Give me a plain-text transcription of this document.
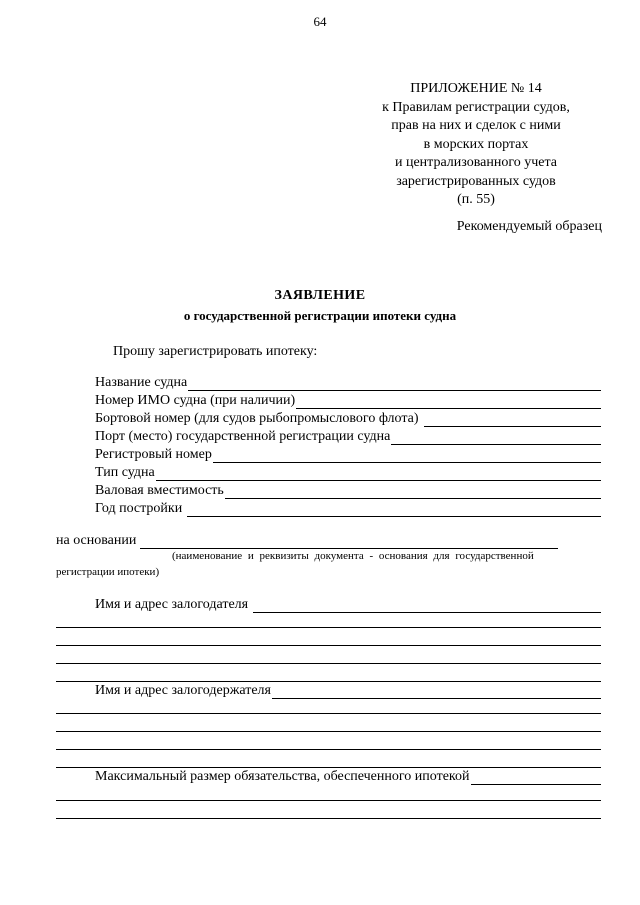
64
ПРИЛОЖЕНИЕ № 14
к Правилам регистрации судов,
прав на них и сделок с ними
в морских портах
и централизованного учета
зарегистрированных судов
(п. 55)
Рекомендуемый образец
ЗАЯВЛЕНИЕ
о государственной регистрации ипотеки судна
Прошу зарегистрировать ипотеку:
Название судна
Номер ИМО судна (при наличии)
Бортовой номер (для судов рыбопромыслового флота)
Порт (место) государственной регистрации судна
Регистровый номер
Тип судна
Валовая вместимость
Год постройки
на основании
(наименование и реквизиты документа - основания для государственной
регистрации ипотеки)
Имя и адрес залогодателя
Имя и адрес залогодержателя
Максимальный размер обязательства, обеспеченного ипотекой
